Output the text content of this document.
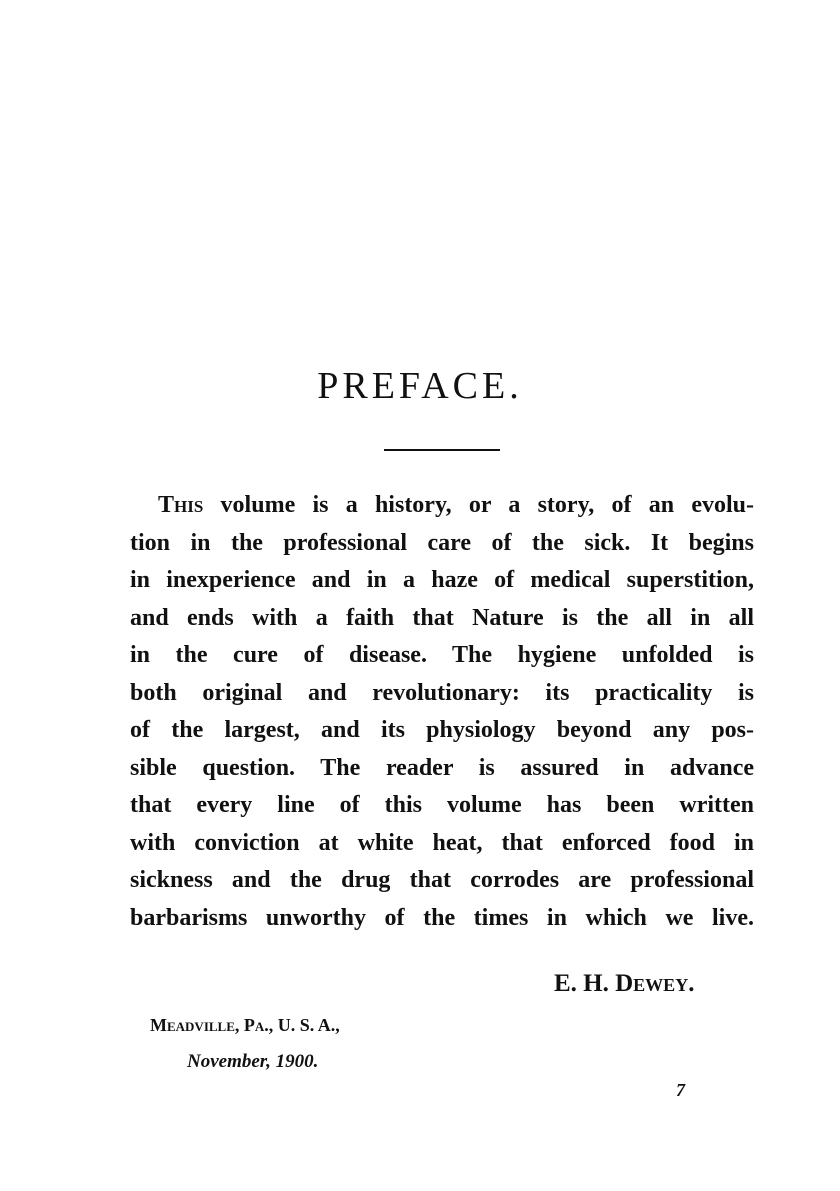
PREFACE.
This volume is a history, or a story, of an evolu-
tion in the professional care of the sick. It begins
in inexperience and in a haze of medical superstition,
and ends with a faith that Nature is the all in all
in the cure of disease. The hygiene unfolded is
both original and revolutionary: its practicality is
of the largest, and its physiology beyond any pos-
sible question. The reader is assured in advance
that every line of this volume has been written
with conviction at white heat, that enforced food in
sickness and the drug that corrodes are professional
barbarisms unworthy of the times in which we live.
E. H. Dewey.
Meadville, Pa., U. S. A.,
November, 1900.
7
